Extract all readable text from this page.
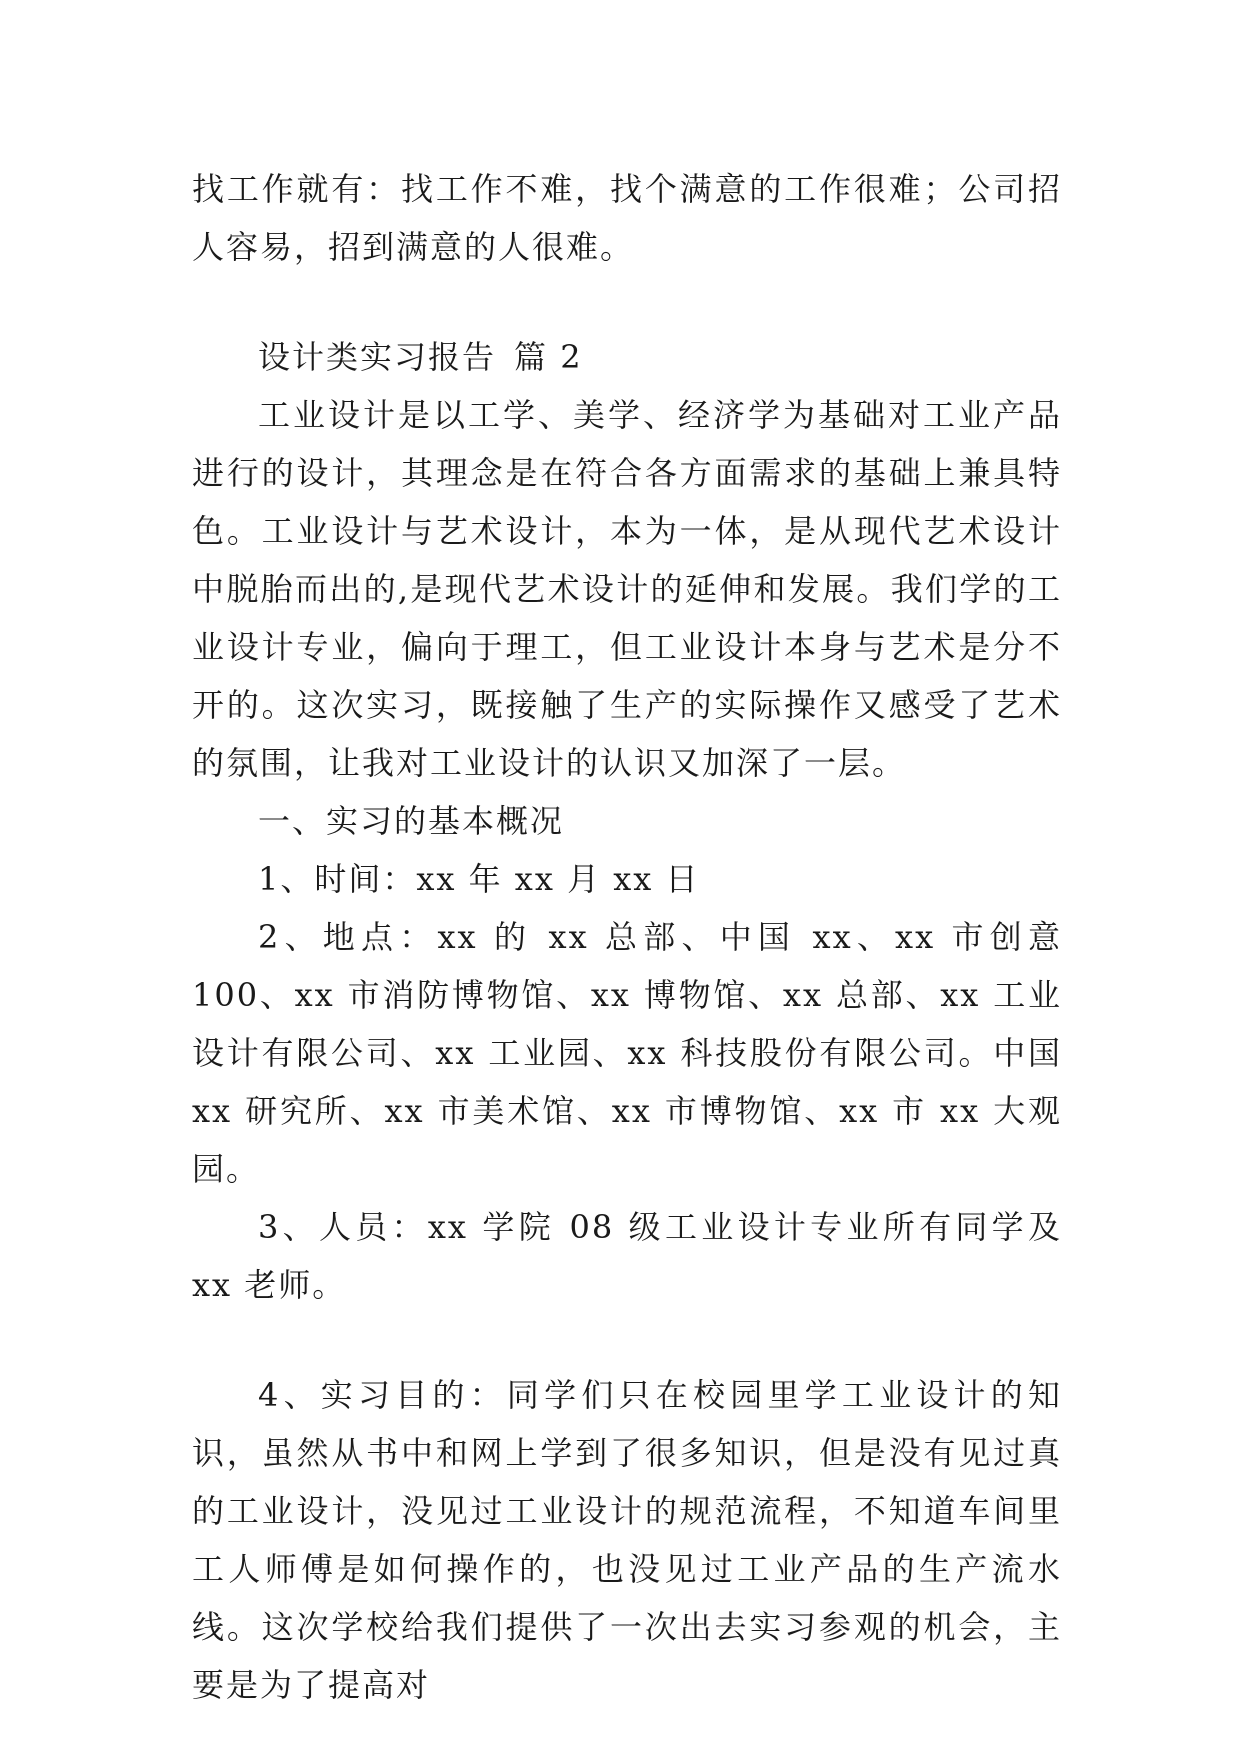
找工作就有：找工作不难，找个满意的工作很难；公司招人容易，招到满意的人很难。

设计类实习报告 篇 2

工业设计是以工学、美学、经济学为基础对工业产品进行的设计，其理念是在符合各方面需求的基础上兼具特色。工业设计与艺术设计，本为一体，是从现代艺术设计中脱胎而出的,是现代艺术设计的延伸和发展。我们学的工业设计专业，偏向于理工，但工业设计本身与艺术是分不开的。这次实习，既接触了生产的实际操作又感受了艺术的氛围，让我对工业设计的认识又加深了一层。

一、实习的基本概况

1、时间：xx 年 xx 月 xx 日

2、地点：xx 的 xx 总部、中国 xx、xx 市创意 100、xx 市消防博物馆、xx 博物馆、xx 总部、xx 工业设计有限公司、xx 工业园、xx 科技股份有限公司。中国 xx 研究所、xx 市美术馆、xx 市博物馆、xx 市 xx 大观园。

3、人员：xx 学院 08 级工业设计专业所有同学及 xx 老师。

4、实习目的：同学们只在校园里学工业设计的知识，虽然从书中和网上学到了很多知识，但是没有见过真的工业设计，没见过工业设计的规范流程，不知道车间里工人师傅是如何操作的，也没见过工业产品的生产流水线。这次学校给我们提供了一次出去实习参观的机会，主要是为了提高对
